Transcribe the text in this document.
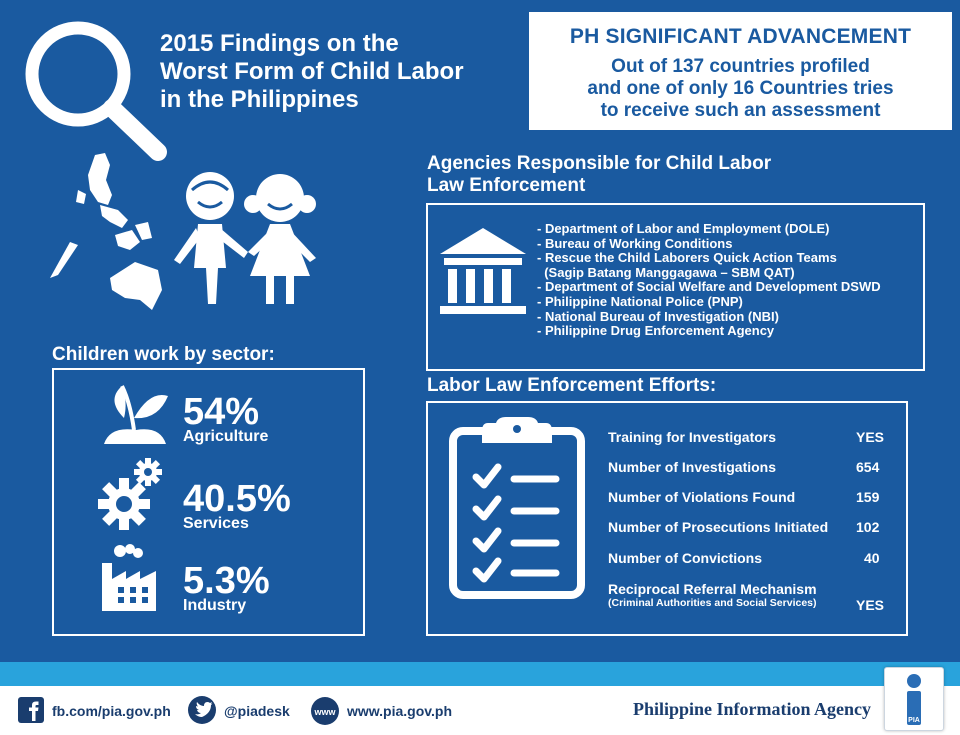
2015 Findings on the
Worst Form of Child Labor
in the Philippines
PH SIGNIFICANT ADVANCEMENT
Out of 137 countries profiled
and one of only 16 Countries tries
to receive such an assessment
Agencies Responsible for Child Labor
Law Enforcement
- Department of Labor and Employment (DOLE)
- Bureau of Working Conditions
- Rescue the Child Laborers Quick Action Teams
(Sagip Batang Manggagawa – SBM QAT)
- Department of Social Welfare and Development DSWD
- Philippine National Police (PNP)
- National Bureau of Investigation (NBI)
- Philippine Drug Enforcement Agency
Children work by sector:
54%
Agriculture
40.5%
Services
5.3%
Industry
Labor Law Enforcement Efforts:
Training for Investigators	YES
Number of Investigations	654
Number of Violations Found	159
Number of Prosecutions Initiated 102
Number of Convictions	40
Reciprocal Referral Mechanism
(Criminal Authorities and Social Services)	YES
fb.com/pia.gov.ph	@piadesk	www www.pia.gov.ph	Philippine Information Agency
PIA
